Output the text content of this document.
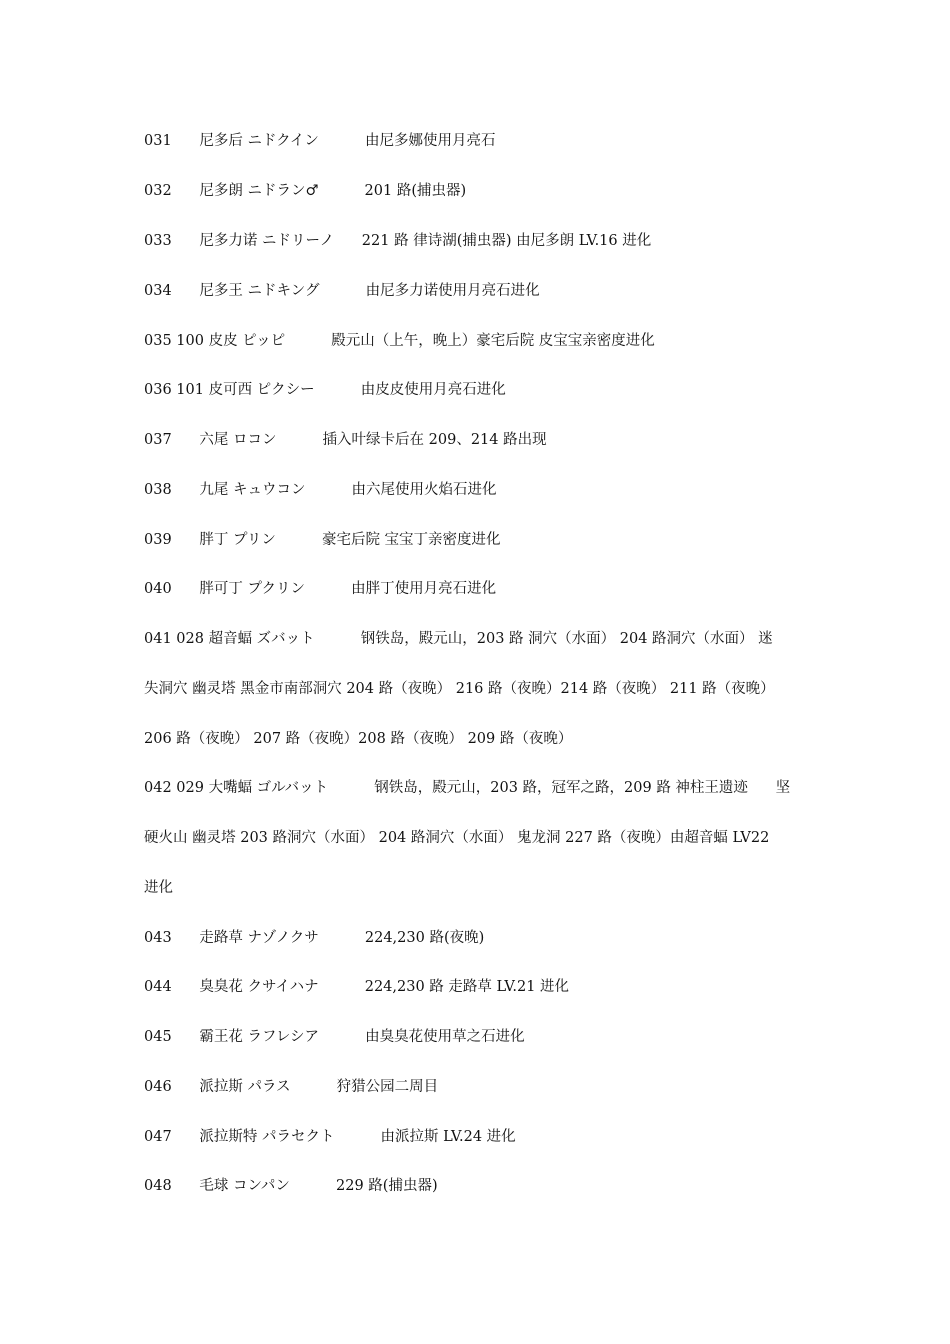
031      尼多后 ニドクイン          由尼多娜使用月亮石
032      尼多朗 ニドラン♂          201 路(捕虫器)
033      尼多力诺 ニドリーノ      221 路 律诗湖(捕虫器) 由尼多朗 LV.16 进化
034      尼多王 ニドキング          由尼多力诺使用月亮石进化
035 100 皮皮 ピッピ          殿元山（上午，晚上）豪宅后院 皮宝宝亲密度进化
036 101 皮可西 ピクシー          由皮皮使用月亮石进化
037      六尾 ロコン          插入叶绿卡后在 209、214 路出现
038      九尾 キュウコン          由六尾使用火焰石进化
039      胖丁 プリン          豪宅后院 宝宝丁亲密度进化
040      胖可丁 プクリン          由胖丁使用月亮石进化
041 028 超音蝠 ズバット          钢铁岛，殿元山，203 路 洞穴（水面） 204 路洞穴（水面） 迷
失洞穴 幽灵塔 黑金市南部洞穴 204 路（夜晚） 216 路（夜晚）214 路（夜晚） 211 路（夜晚）
206 路（夜晚） 207 路（夜晚）208 路（夜晚） 209 路（夜晚）
042 029 大嘴蝠 ゴルバット          钢铁岛，殿元山，203 路，冠军之路，209 路 神柱王遗迹      坚
硬火山 幽灵塔 203 路洞穴（水面） 204 路洞穴（水面） 鬼龙洞 227 路（夜晚）由超音蝠 LV22
进化
043      走路草 ナゾノクサ          224,230 路(夜晚)
044      臭臭花 クサイハナ          224,230 路 走路草 LV.21 进化
045      霸王花 ラフレシア          由臭臭花使用草之石进化
046      派拉斯 パラス          狩猎公园二周目
047      派拉斯特 パラセクト          由派拉斯 LV.24 进化
048      毛球 コンパン          229 路(捕虫器)
